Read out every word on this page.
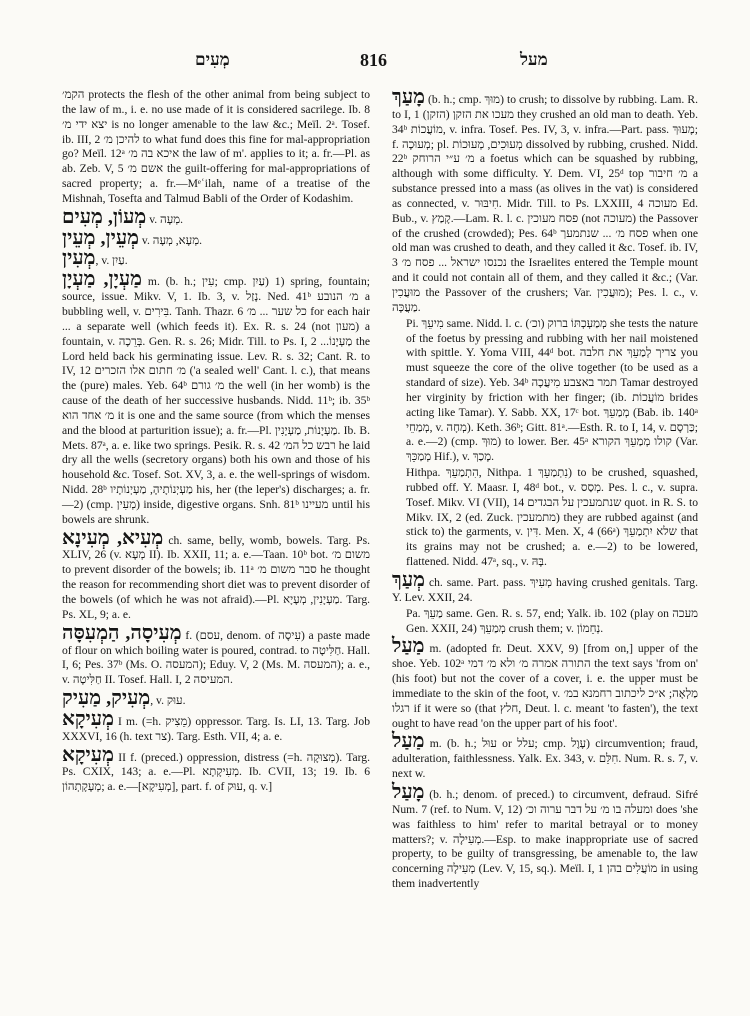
מְעִים	816	מעל
הקמ׳ protects the flesh of the other animal from being subject to the law of m., i. e. no use made of it is considered sacrilege. Ib. 8 יצא ידי מ׳ is no longer amenable to the law &c.; Meïl. 2ᵃ. Tosef. ib. III, 2 להיכן מ׳ to what fund does this fine for mal-appropriation go? Meïl. 12ᵃ איכא בה מ׳ the law of m'. applies to it; a. fr.—Pl. as ab. Zeb. V, 5 אשם מ׳ the guilt-offering for mal-appropriations of sacred property; a. fr.—Mᵉʿilah, name of a treatise of the Mishnah, Tosefta and Talmud Babli of the Order of Kodashim.
מְעוֹן, מְעִים v. מְעָה.
מְעֵין, מְעֵין v. מְעָא, מְעָה.
מְעִין, v. עַיִן.
מַעְיָן, מַעְיָן m. (b. h.; עִין; cmp. עַיִן) 1) spring, fountain; source, issue. Mikv. V, 1. Ib. 3, v. נָזַל. Ned. 41ᵇ מ׳ הנובע a bubbling well, v. בִּירִים. Tanh. Thazr. 6 כל שער ... מ׳ for each hair ... a separate well (which feeds it). Ex. R. s. 24 (not מעון) a fountain, v. בְּרֵכָה. Gen. R. s. 26; Midr. Till. to Ps. I, 2 ...מַעְיָנוֹ the Lord held back his germinating issue. Lev. R. s. 32; Cant. R. to IV, 12 מ׳ חתום אלו הזכרים ('a sealed well' Cant. l. c.), that means the (pure) males. Yeb. 64ᵇ מ׳ גורם the well (in her womb) is the cause of the death of her successive husbands. Nidd. 11ᵇ; ib. 35ᵇ מ׳ אחד הוא it is one and the same source (from which the menses and the blood at parturition issue); a. fr.—Pl. מַעְיָנוֹת, מַעְיָנִין. Ib. B. Mets. 87ᵃ, a. e. like two springs. Pesik. R. s. 42 רבש כל המ׳ he laid dry all the wells (secretory organs) both his own and those of his household &c. Tosef. Sot. XV, 3, a. e. the well-springs of wisdom. Nidd. 28ᵇ מַעְיְנוֹתָיהָ, מַעְיְנוֹתָיו his, her (the leper's) discharges; a. fr.—2) (cmp. מְעִין) inside, digestive organs. Snh. 81ᵇ מעיינו until his bowels are shrunk.
מְעִיא, מְעִינָא ch. same, belly, womb, bowels. Targ. Ps. XLIV, 26 (v. מְעָא II). Ib. XXII, 11; a. e.—Taan. 10ᵇ bot. משום מ׳ to prevent disorder of the bowels; ib. 11ᵃ סבר משום מ׳ he thought the reason for recommending short diet was to prevent disorder of the bowels (of which he was not afraid).—Pl. מַעְיָנִין, מְעָיָא. Targ. Ps. XL, 9; a. e.
מְעִיסָה, הַמְעִסָּה f. (עסם, denom. of עִיסָה) a paste made of flour on which boiling water is poured, contrad. to חַלִּיטָה. Hall. I, 6; Pes. 37ᵇ (Ms. O. המעסה); Eduy. V, 2 (Ms. M. המעסה); a. e., v. חַלִּיטָה II. Tosef. Hall. I, 2 המעיסה.
מְעִיק, מַעִיק, v. עוּק.
מְעִיקָא I m. (=h. מֵצִיק) oppressor. Targ. Is. LI, 13. Targ. Job XXXVI, 16 (h. text צר). Targ. Esth. VII, 4; a. e.
מְעִיקָא II f. (preced.) oppression, distress (=h. מְצוּקָה). Targ. Ps. CXIX, 143; a. e.—Pl. מְעִיקָתָא. Ib. CVII, 13; 19. Ib. 6 מְעָקָתְהוֹן; a. e.—[מְעִיקָא], part. f. of עוּק, q. v.]
מָעַךְ (b. h.; cmp. מוּךְ) to crush; to dissolve by rubbing. Lam. R. to I, 1 (הזקן) מעכו את הזקן they crushed an old man to death. Yeb. 34ᵇ מוֹעֲכוֹת, v. infra. Tosef. Pes. IV, 3, v. infra.—Part. pass. מָעוּךְ; f. מְעוּכָה; pl. מְעוּכִים, מְעוּכוֹת dissolved by rubbing, crushed. Nidd. 22ᵇ מ׳ ע״י הרוחק a foetus which can be squashed by rubbing, although with some difficulty. Y. Dem. VI, 25ᵈ top מ׳ חיבור a substance pressed into a mass (as olives in the vat) is considered as connected, v. חִיבּוּר. Midr. Till. to Ps. LXXIII, 4 מעוכה Ed. Bub., v. קָמַץ.—Lam. R. l. c. פסח מעוכין (not מעוכה) the Passover of the crushed (crowded); Pes. 64ᵇ פסח מ׳ ... שנתמעך when one old man was crushed to death, and they called it &c. Tosef. ib. IV, 3 נכנסו ישראל ... פסח מ׳ the Israelites entered the Temple mount and it could not contain all of them, and they called it &c.; (Var. מוּעֲכִין the Passover of the crushers; Var. מוּעֲכִין); Pes. l. c., v. מַעֲכָּה.
Pi. מִיעֵךְ same. Nidd. l. c. (וכ׳) מְמַעְכְתּוֹ ברוק she tests the nature of the foetus by pressing and rubbing with her nail moistened with spittle. Y. Yoma VIII, 44ᵈ bot. צריך לְמַעֵךְ את חלבה you must squeeze the core of the olive together (to be used as a standard of size). Yeb. 34ᵇ תמר באצבע מִיעֲכָה Tamar destroyed her virginity by friction with her finger; (ib. מוֹעֲכוֹת brides acting like Tamar). Y. Sabb. XX, 17ᶜ bot. מְמַעֵךְ (Bab. ib. 140ᵃ מְמַחֵי, v. מְחָה). Keth. 36ᵇ; Gitt. 81ᵃ.—Esth. R. to I, 14, v. כַּרְסָם; a. e.—2) (cmp. מוּךְ) to lower. Ber. 45ᵃ קולו מְמַעֵךְ הקורא (Var. מְמַכֵּךְ Hif.), v. מָכַךְ.
Hithpa. הִתְמַעֵךְ, Nithpa. נִתְמַעֵךְ 1) to be crushed, squashed, rubbed off. Y. Maasr. I, 48ᵈ bot., v. מְסַס. Pes. l. c., v. supra. Tosef. Mikv. VI (VII), 14 שנתמעכין על הבגדים quot. in R. S. to Mikv. IX, 2 (ed. Zuck. מתמעכין) they are rubbed against (and stick to) the garments, v. דִּין. Men. X, 4 (66ᵃ) שלא יִתְמַעֵךְ that its grains may not be crushed; a. e.—2) to be lowered, flattened. Nidd. 47ᵃ, sq., v. בָּהּ.
מְעַךְ ch. same. Part. pass. מְעִיךְ having crushed genitals. Targ. Y. Lev. XXII, 24.
Pa. מַעֵךְ same. Gen. R. s. 57, end; Yalk. ib. 102 (play on מעכה Gen. XXII, 24) מְמַעֵךְ crush them; v. נְחֵמוֹן.
מַעַל m. (adopted fr. Deut. XXV, 9) [from on,] upper of the shoe. Yeb. 102ᵃ התורה אמרה מ׳ ולא מ׳ דמי the text says 'from on' (his foot) but not the cover of a cover, i. e. the upper must be immediate to the skin of the foot, v. מַלְאָה; א״כ ליכתוב רחמנא במ׳ רגלו if it were so (that חלץ, Deut. l. c. meant 'to fasten'), the text ought to have read 'on the upper part of his foot'.
מַעַל m. (b. h.; עוּל or עלל; cmp. עָוֶל) circumvention; fraud, adulteration, faithlessness. Yalk. Ex. 343, v. חִלֵּם. Num. R. s. 7, v. next w.
מָעַל (b. h.; denom. of preced.) to circumvent, defraud. Sifré Num. 7 (ref. to Num. V, 12) ומעלה בו מ׳ על דבר ערוה וכ׳ does 'she was faithless to him' refer to marital betrayal or to money matters?; v. מְעִילָה.—Esp. to make inappropriate use of sacred property, to be guilty of transgressing, be amenable to, the law concerning מְעִילָה (Lev. V, 15, sq.). Meïl. I, 1 מוֹעֲלִים בהן in using them inadvertently
